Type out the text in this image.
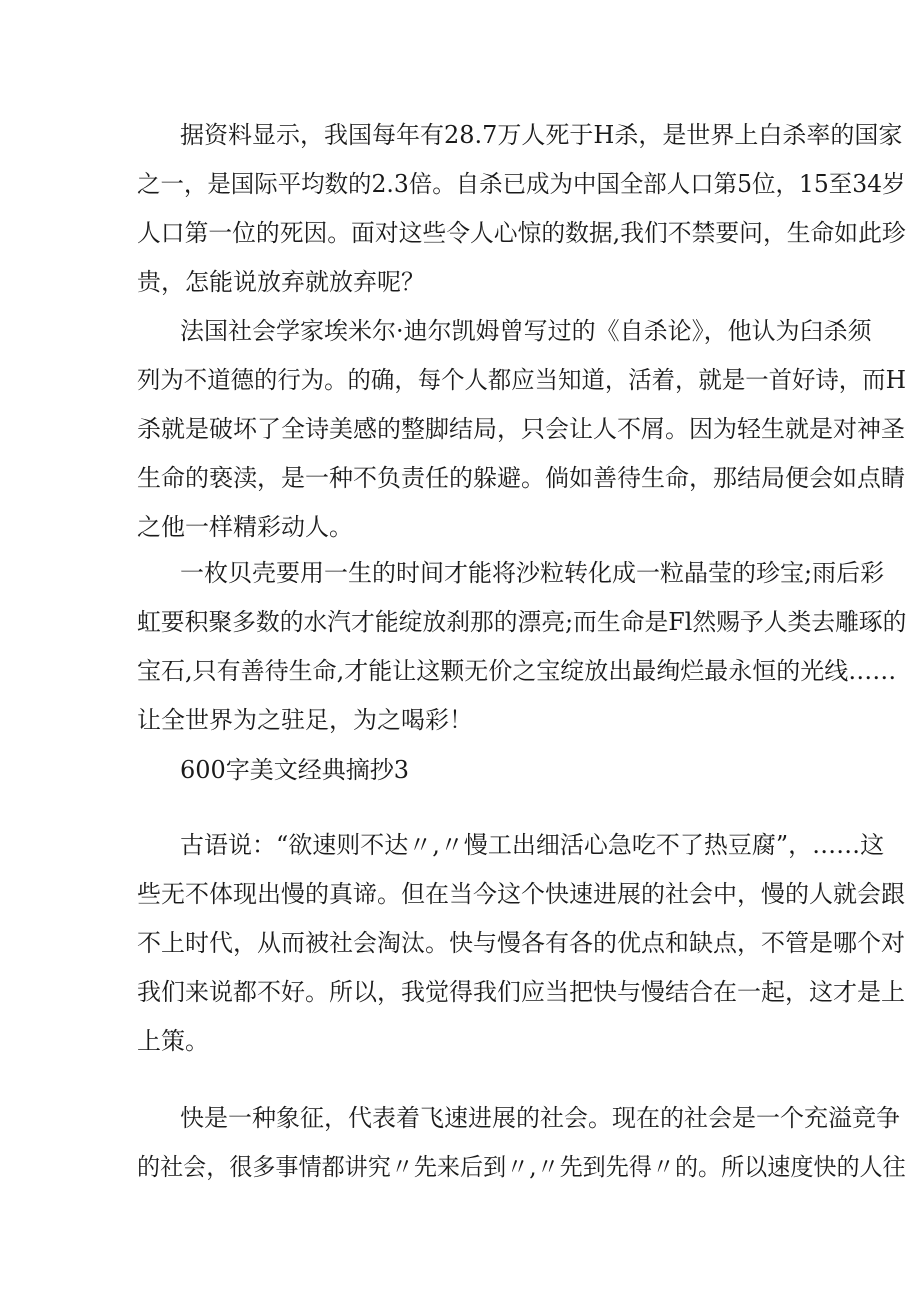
据资料显示，我国每年有28.7万人死于H杀，是世界上白杀率的国家
之一，是国际平均数的2.3倍。自杀已成为中国全部人口第5位，15至34岁
人口第一位的死因。面对这些令人心惊的数据,我们不禁要问，生命如此珍
贵，怎能说放弃就放弃呢？
法国社会学家埃米尔·迪尔凯姆曾写过的《自杀论》，他认为臼杀须
列为不道德的行为。的确，每个人都应当知道，活着，就是一首好诗，而H
杀就是破坏了全诗美感的整脚结局，只会让人不屑。因为轻生就是对神圣
生命的亵渎，是一种不负责任的躲避。倘如善待生命，那结局便会如点睛
之他一样精彩动人。
一枚贝壳要用一生的时间才能将沙粒转化成一粒晶莹的珍宝;雨后彩
虹要积聚多数的水汽才能绽放刹那的漂亮;而生命是Fl然赐予人类去雕琢的
宝石,只有善待生命,才能让这颗无价之宝绽放出最绚烂最永恒的光线……
让全世界为之驻足，为之喝彩！
600字美文经典摘抄3
古语说：“欲速则不达〃,〃慢工出细活心急吃不了热豆腐”，……这
些无不体现出慢的真谛。但在当今这个快速进展的社会中，慢的人就会跟
不上时代，从而被社会淘汰。快与慢各有各的优点和缺点，不管是哪个对
我们来说都不好。所以，我觉得我们应当把快与慢结合在一起，这才是上
上策。
快是一种象征，代表着飞速进展的社会。现在的社会是一个充溢竞争
的社会，很多事情都讲究〃先来后到〃,〃先到先得〃的。所以速度快的人往
